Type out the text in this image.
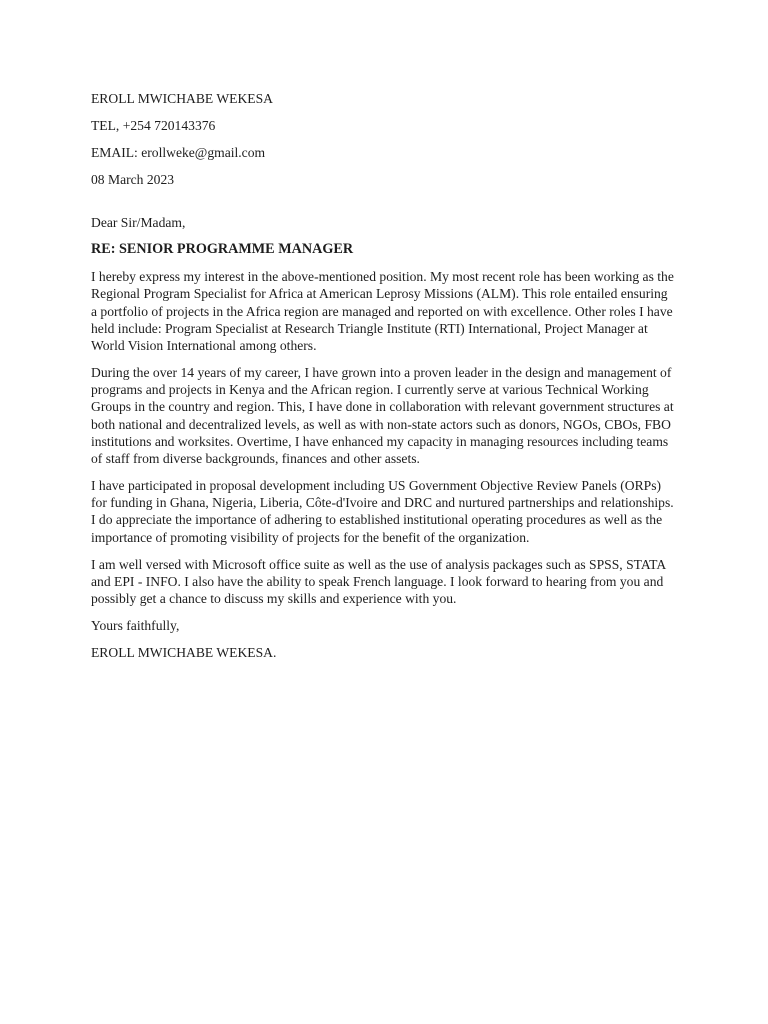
EROLL MWICHABE WEKESA

TEL, +254 720143376

EMAIL: erollweke@gmail.com

08 March 2023

Dear Sir/Madam,

RE: SENIOR PROGRAMME MANAGER

I hereby express my interest in the above-mentioned position. My most recent role has been working as the Regional Program Specialist for Africa at American Leprosy Missions (ALM). This role entailed ensuring a portfolio of projects in the Africa region are managed and reported on with excellence. Other roles I have held include: Program Specialist at Research Triangle Institute (RTI) International, Project Manager at World Vision International among others.

During the over 14 years of my career, I have grown into a proven leader in the design and management of programs and projects in Kenya and the African region. I currently serve at various Technical Working Groups in the country and region. This, I have done in collaboration with relevant government structures at both national and decentralized levels, as well as with non-state actors such as donors, NGOs, CBOs, FBO institutions and worksites. Overtime, I have enhanced my capacity in managing resources including teams of staff from diverse backgrounds, finances and other assets.

I have participated in proposal development including US Government Objective Review Panels (ORPs) for funding in Ghana, Nigeria, Liberia, Côte-d'Ivoire and DRC and nurtured partnerships and relationships. I do appreciate the importance of adhering to established institutional operating procedures as well as the importance of promoting visibility of projects for the benefit of the organization.

I am well versed with Microsoft office suite as well as the use of analysis packages such as SPSS, STATA and EPI - INFO. I also have the ability to speak French language. I look forward to hearing from you and possibly get a chance to discuss my skills and experience with you.

Yours faithfully,

EROLL MWICHABE WEKESA.
